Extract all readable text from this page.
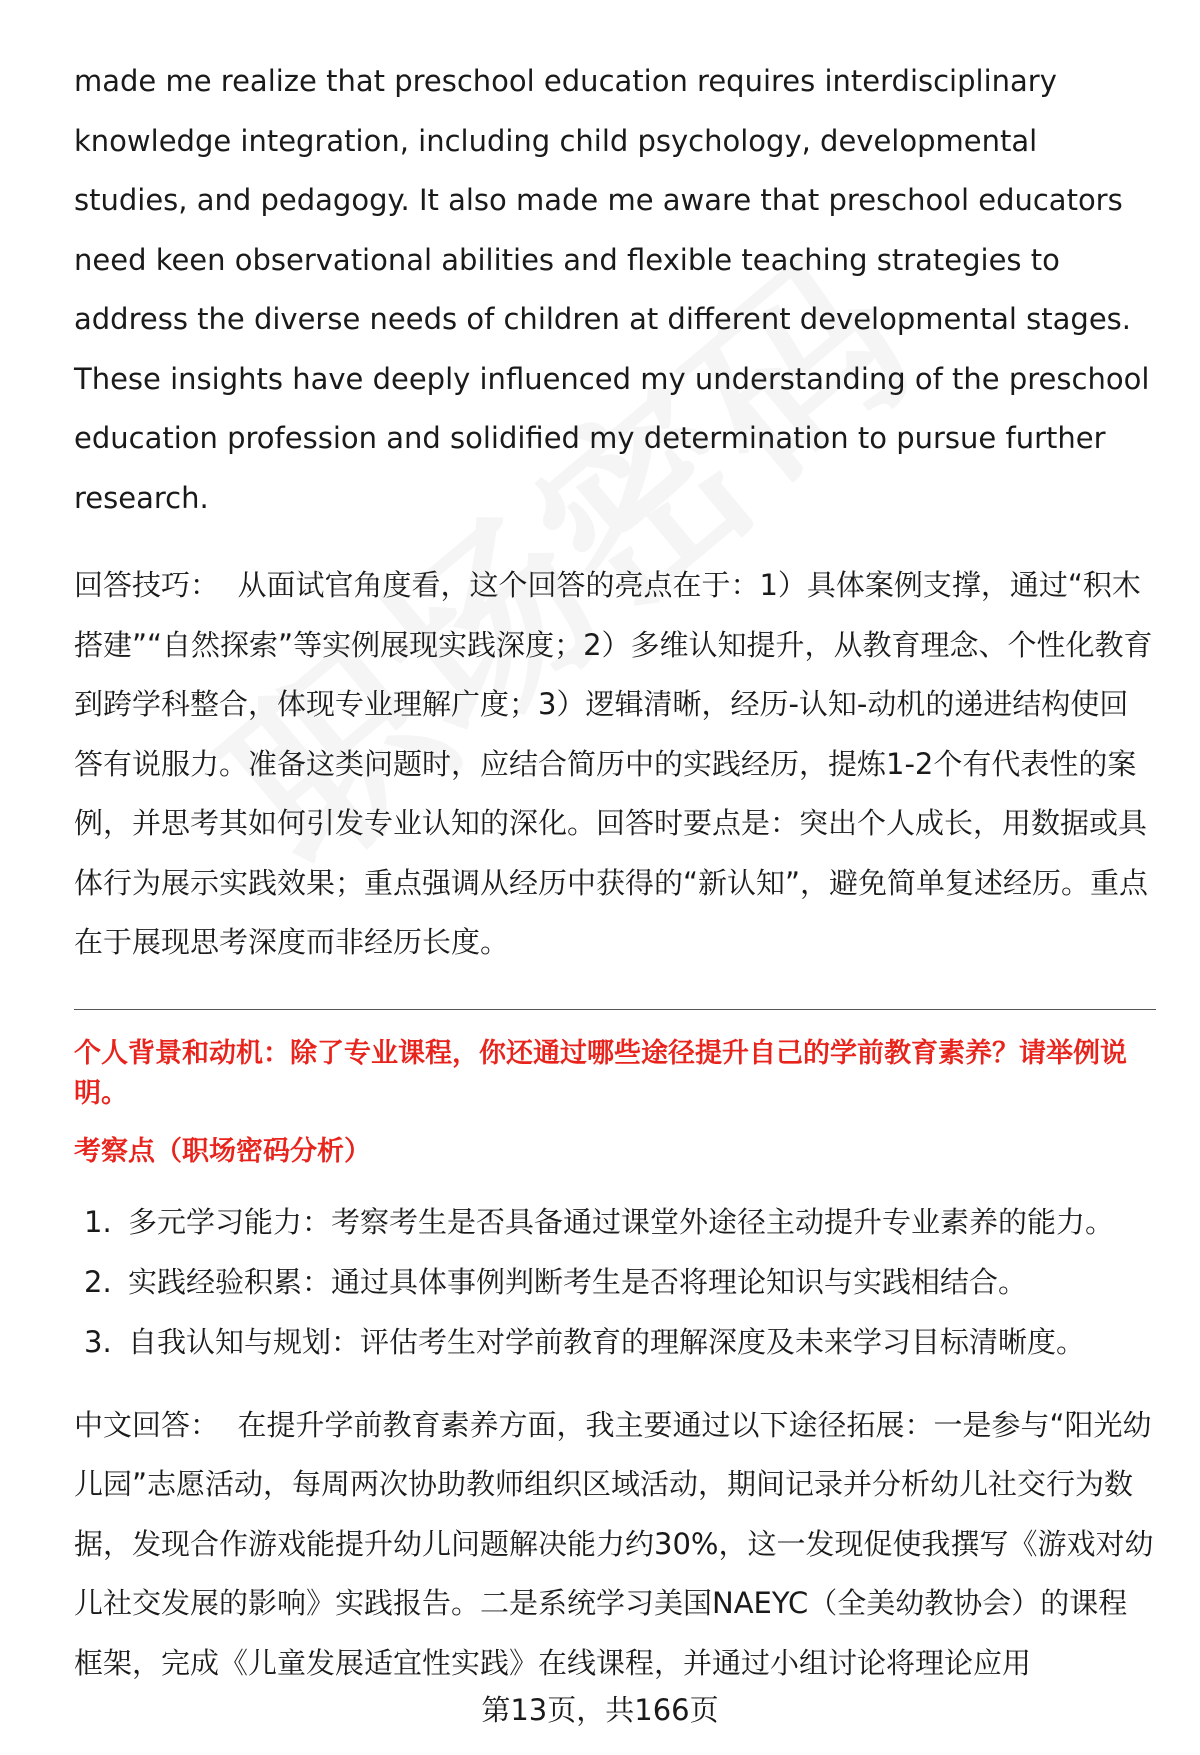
made me realize that preschool education requires interdisciplinary knowledge integration, including child psychology, developmental studies, and pedagogy. It also made me aware that preschool educators need keen observational abilities and flexible teaching strategies to address the diverse needs of children at different developmental stages. These insights have deeply influenced my understanding of the preschool education profession and solidified my determination to pursue further research.

回答技巧： 从面试官角度看，这个回答的亮点在于：1）具体案例支撑，通过“积木搭建”“自然探索”等实例展现实践深度；2）多维认知提升，从教育理念、个性化教育到跨学科整合，体现专业理解广度；3）逻辑清晰，经历-认知-动机的递进结构使回答有说服力。准备这类问题时，应结合简历中的实践经历，提炼1-2个有代表性的案例，并思考其如何引发专业认知的深化。回答时要点是：突出个人成长，用数据或具体行为展示实践效果；重点强调从经历中获得的“新认知”，避免简单复述经历。重点在于展现思考深度而非经历长度。

个人背景和动机：除了专业课程，你还通过哪些途径提升自己的学前教育素养？请举例说明。

考察点（职场密码分析）

1. 多元学习能力：考察考生是否具备通过课堂外途径主动提升专业素养的能力。
2. 实践经验积累：通过具体事例判断考生是否将理论知识与实践相结合。
3. 自我认知与规划：评估考生对学前教育的理解深度及未来学习目标清晰度。

中文回答： 在提升学前教育素养方面，我主要通过以下途径拓展：一是参与“阳光幼儿园”志愿活动，每周两次协助教师组织区域活动，期间记录并分析幼儿社交行为数据，发现合作游戏能提升幼儿问题解决能力约30%，这一发现促使我撰写《游戏对幼儿社交发展的影响》实践报告。二是系统学习美国NAEYC（全美幼教协会）的课程框架，完成《儿童发展适宜性实践》在线课程，并通过小组讨论将理论应用

第13页，共166页
